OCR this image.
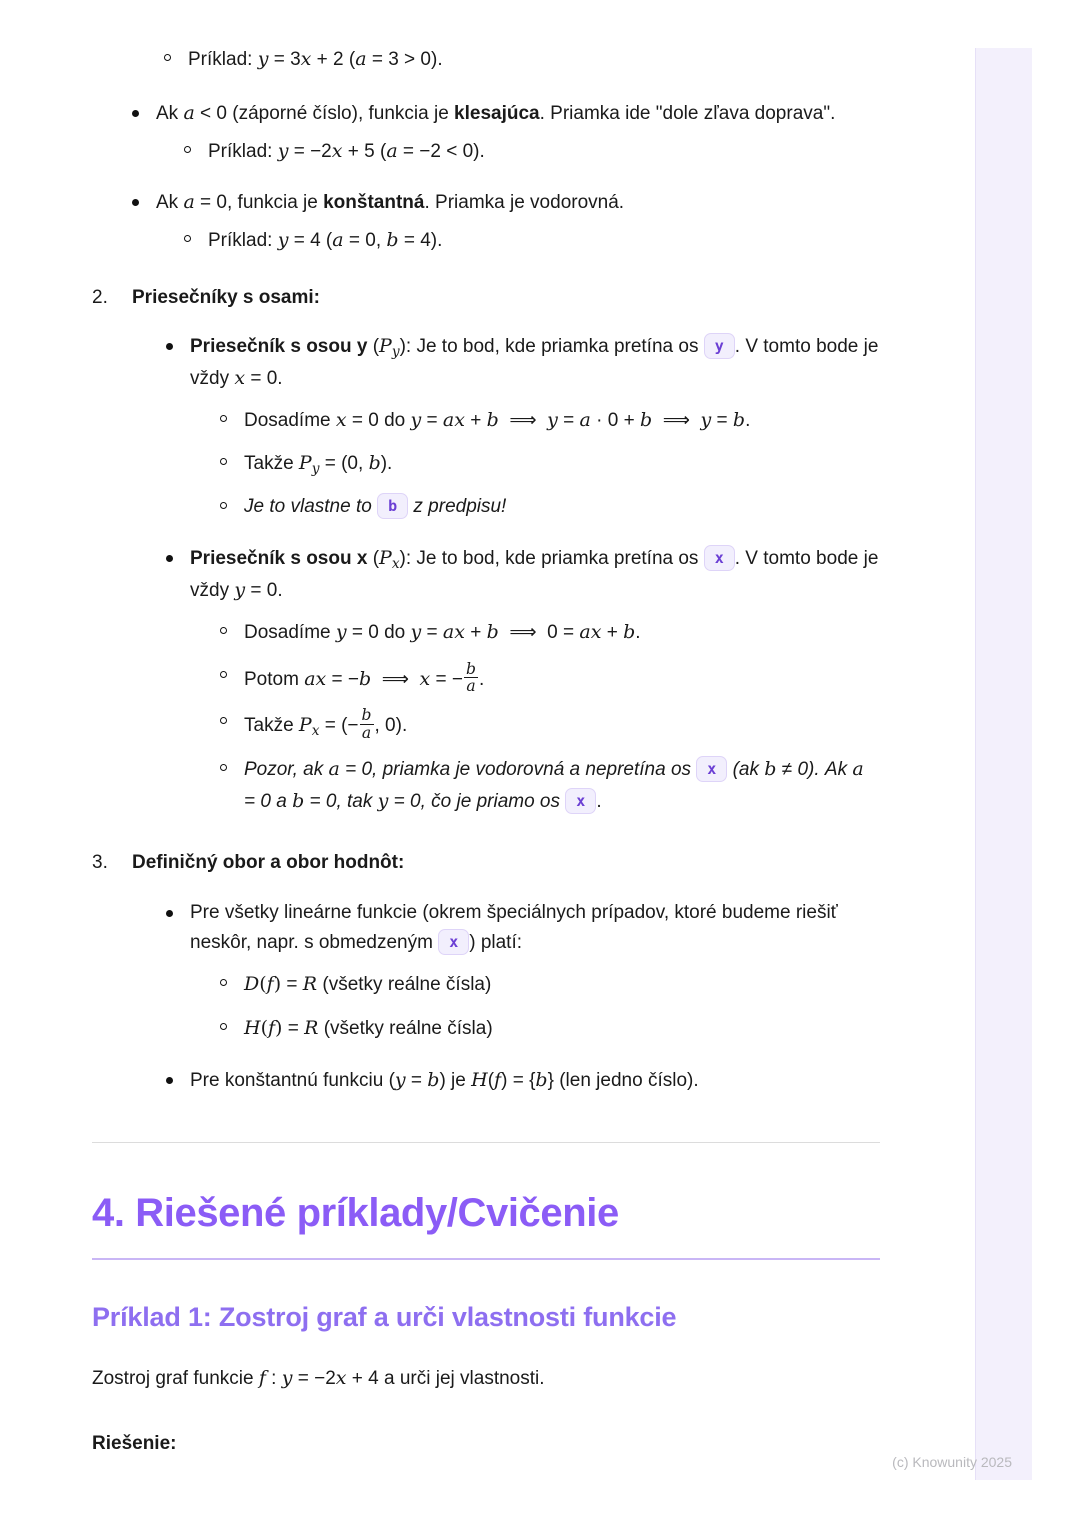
Príklad: y = 3x + 2 (a = 3 > 0).
Ak a < 0 (záporné číslo), funkcia je klesajúca. Priamka ide "dole zľava doprava".
Príklad: y = −2x + 5 (a = −2 < 0).
Ak a = 0, funkcia je konštantná. Priamka je vodorovná.
Príklad: y = 4 (a = 0, b = 4).
2. Priesečníky s osami:
Priesečník s osou y $(P_y)$: Je to bod, kde priamka pretína os y . V tomto bode je vždy x = 0.
Dosadíme x = 0 do y = ax + b  ⟹  y = a · 0 + b  ⟹  y = b.
Takže $P_y = (0$, b).
Je to vlastne to b z predpisu!
Priesečník s osou x $(P_x)$: Je to bod, kde priamka pretína os x . V tomto bode je vždy y = 0.
Dosadíme y = 0 do y = ax + b  ⟹  0 = ax + b.
Potom ax = −b  ⟹  x = − $\frac{b}{a}$ .
Takže $P_x$ = (− $\frac{b}{a}$ , 0).
Pozor, ak a = 0, priamka je vodorovná a nepretína os x (ak b ≠ 0). Ak a = 0 a b = 0, tak y = 0, čo je priamo os x .
3. Definičný obor a obor hodnôt:
Pre všetky lineárne funkcie (okrem špeciálnych prípadov, ktoré budeme riešiť neskôr, napr. s obmedzeným x ) platí:
D(f) = R (všetky reálne čísla)
H(f) = R (všetky reálne čísla)
Pre konštantnú funkciu (y = b) je H(f) = {b} (len jedno číslo).
4. Riešené príklady/Cvičenie
Príklad 1: Zostroj graf a urči vlastnosti funkcie

Zostroj graf funkcie f : y = −2x + 4 a urči jej vlastnosti.

Riešenie:

(c) Knowunity 2025
